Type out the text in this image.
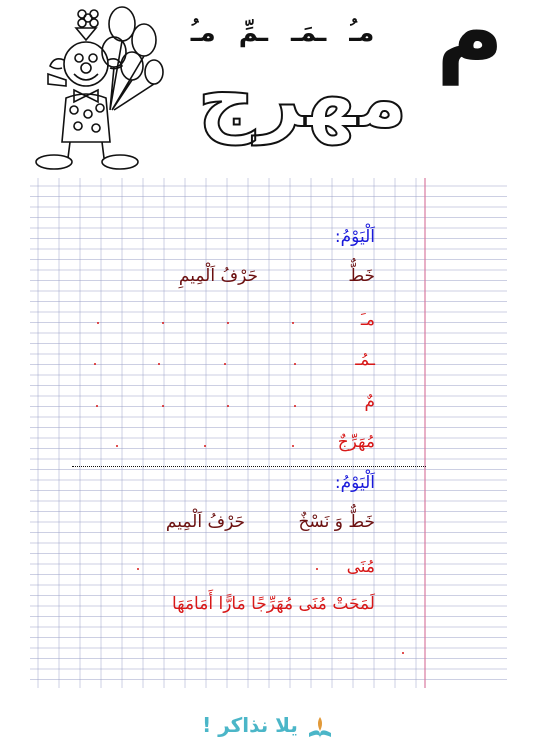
مـُ ـمَـ ـمِّ مـُ
مهرج
م
اَلْيَوْمُ:
خَطٌّ
حَرْفُ اَلْمِيمِ
مـَ
ـمُـ
مٌ
مُهَرِّجٌ
اَلْيَوْمُ:
خَطٌّ وَ نَسْخٌ
حَرْفُ اَلْمِيم
مُنَى
لَمَحَتْ مُنَى مُهَرِّجًا مَارًّا أَمَامَهَا
يلا نذاكر !
